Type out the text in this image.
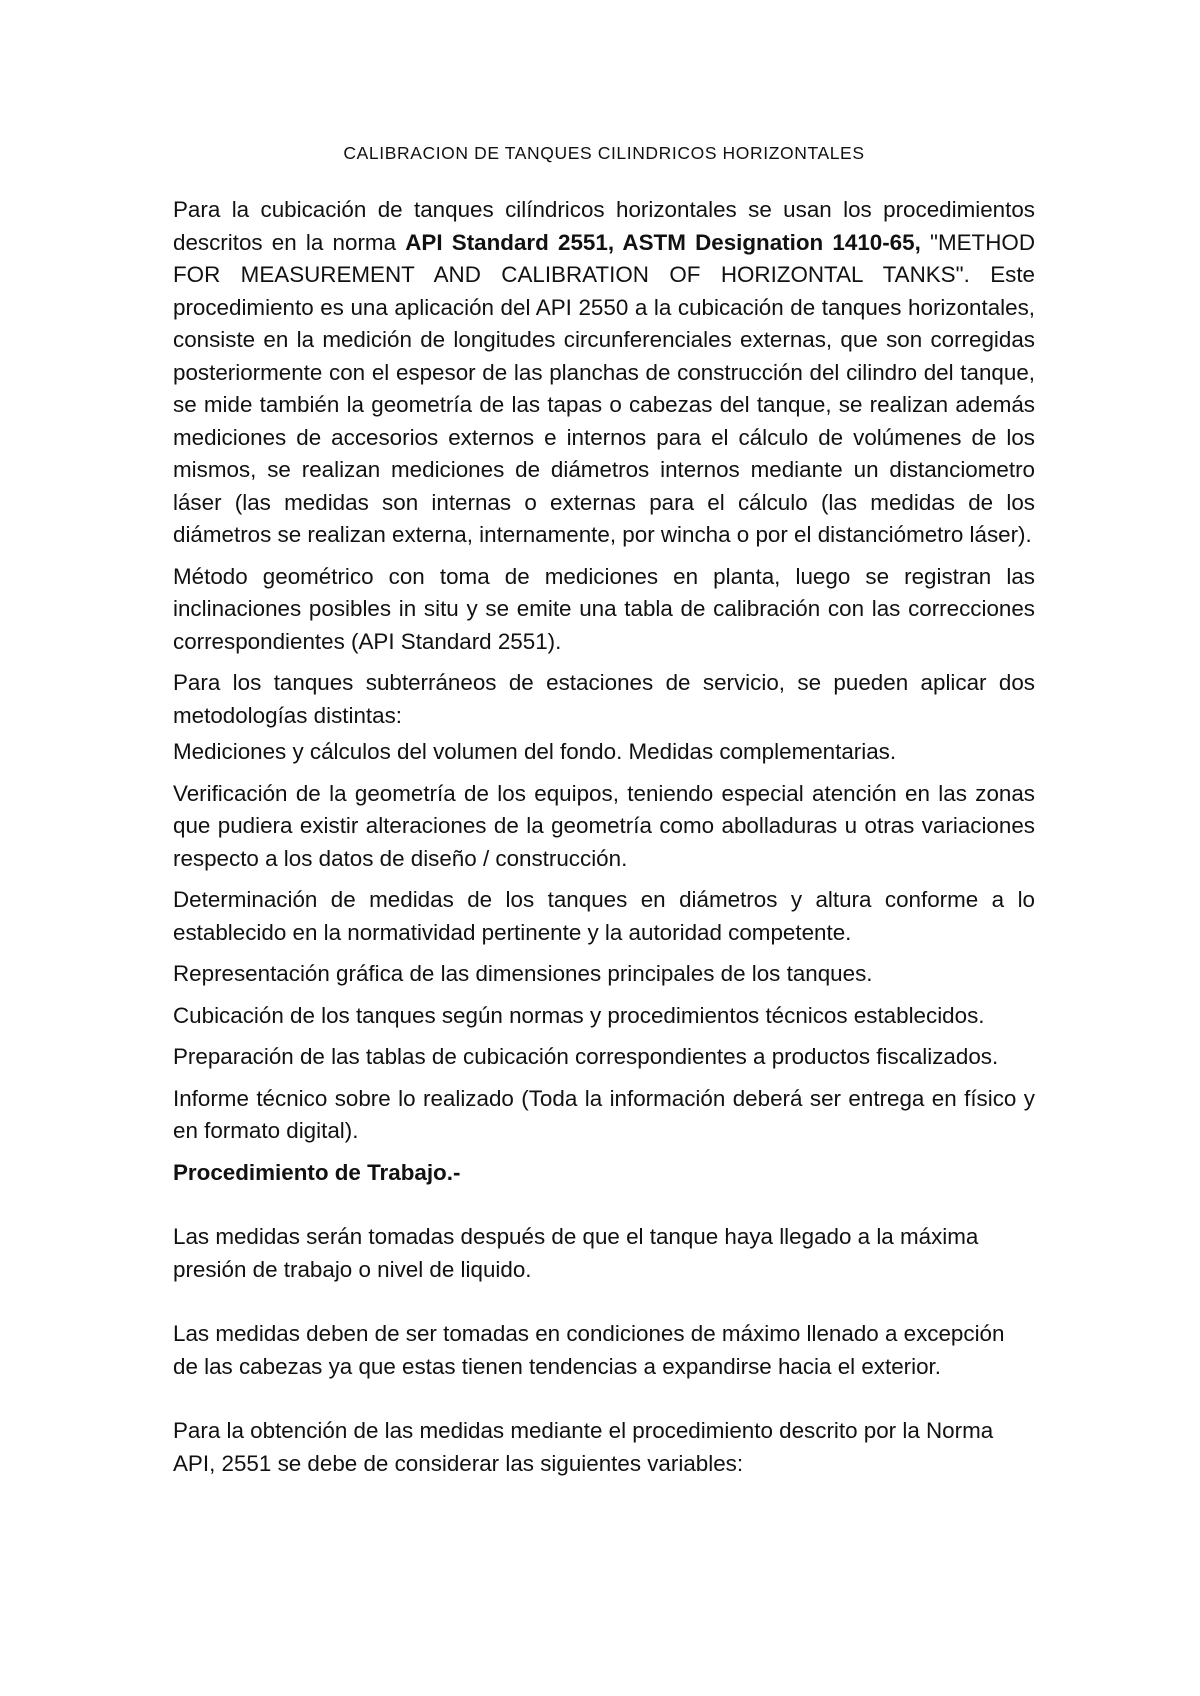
CALIBRACION DE TANQUES CILINDRICOS HORIZONTALES

Para la cubicación de tanques cilíndricos horizontales se usan los procedimientos descritos en la norma API Standard 2551, ASTM Designation 1410-65, "METHOD FOR MEASUREMENT AND CALIBRATION OF HORIZONTAL TANKS". Este procedimiento es una aplicación del API 2550 a la cubicación de tanques horizontales, consiste en la medición de longitudes circunferenciales externas, que son corregidas posteriormente con el espesor de las planchas de construcción del cilindro del tanque, se mide también la geometría de las tapas o cabezas del tanque, se realizan además mediciones de accesorios externos e internos para el cálculo de volúmenes de los mismos, se realizan mediciones de diámetros internos mediante un distanciometro láser (las medidas son internas o externas para el cálculo (las medidas de los diámetros se realizan externa, internamente, por wincha o por el distanciómetro láser).

Método geométrico con toma de mediciones en planta, luego se registran las inclinaciones posibles in situ y se emite una tabla de calibración con las correcciones correspondientes (API Standard 2551).

Para los tanques subterráneos de estaciones de servicio, se pueden aplicar dos metodologías distintas:

Mediciones y cálculos del volumen del fondo. Medidas complementarias.

Verificación de la geometría de los equipos, teniendo especial atención en las zonas que pudiera existir alteraciones de la geometría como abolladuras u otras variaciones respecto a los datos de diseño / construcción.

Determinación de medidas de los tanques en diámetros y altura conforme a lo establecido en la normatividad pertinente y la autoridad competente.

Representación gráfica de las dimensiones principales de los tanques.

Cubicación de los tanques según normas y procedimientos técnicos establecidos.

Preparación de las tablas de cubicación correspondientes a productos fiscalizados.

Informe técnico sobre lo realizado (Toda la información deberá ser entrega en físico y en formato digital).

Procedimiento de Trabajo.-

Las medidas serán tomadas después de que el tanque haya llegado a la máxima presión de trabajo o nivel de liquido.

Las medidas deben de ser tomadas en condiciones de máximo llenado a excepción de las cabezas ya que estas tienen tendencias a expandirse hacia el exterior.

Para la obtención de las medidas mediante el procedimiento descrito por la Norma API, 2551 se debe de considerar las siguientes variables:
